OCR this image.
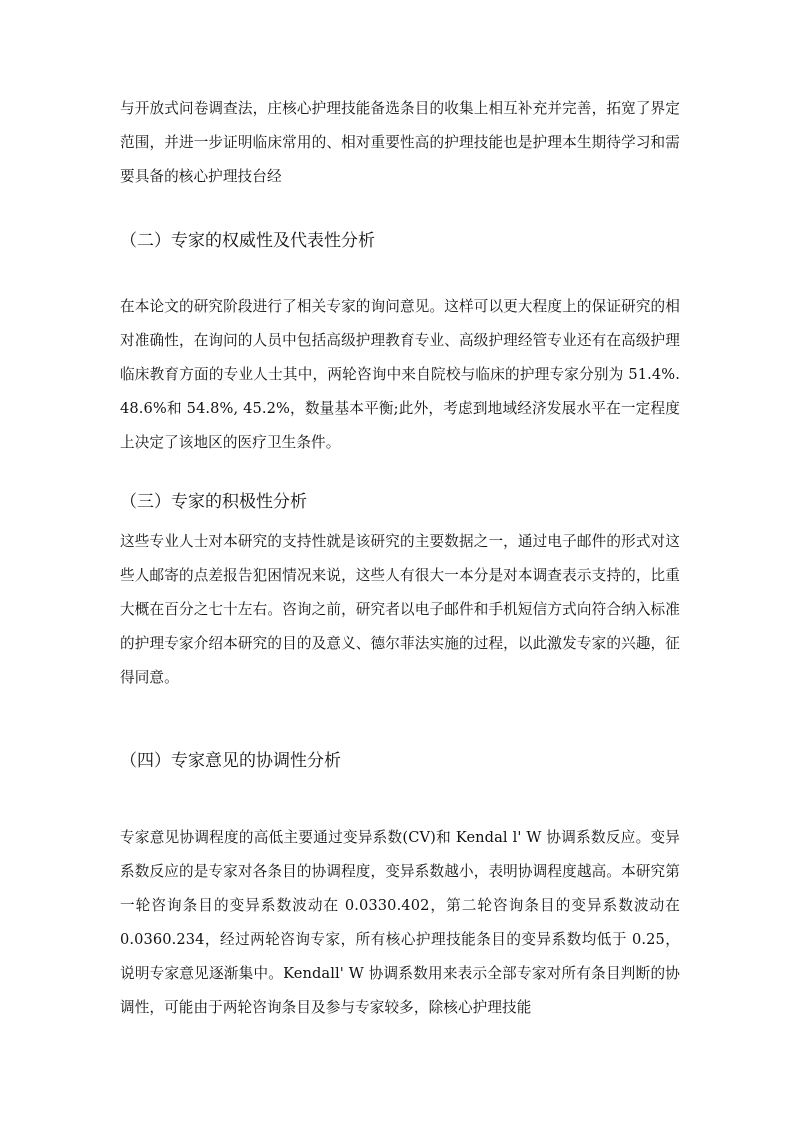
与开放式问卷调查法，庄核心护理技能备选条目的收集上相互补充并完善，拓宽了界定范围，并进一步证明临床常用的、相对重要性高的护理技能也是护理本生期待学习和需要具备的核心护理技台经

（二）专家的权威性及代表性分析

在本论文的研究阶段进行了相关专家的询问意见。这样可以更大程度上的保证研究的相对准确性，在询问的人员中包括高级护理教育专业、高级护理经管专业还有在高级护理临床教育方面的专业人士其中，两轮咨询中来自院校与临床的护理专家分别为 51.4%. 48.6%和 54.8%, 45.2%，数量基本平衡;此外，考虑到地域经济发展水平在一定程度上决定了该地区的医疗卫生条件。

（三）专家的积极性分析

这些专业人士对本研究的支持性就是该研究的主要数据之一，通过电子邮件的形式对这些人邮寄的点差报告犯困情况来说，这些人有很大一本分是对本调查表示支持的，比重大概在百分之七十左右。咨询之前，研究者以电子邮件和手机短信方式向符合纳入标准的护理专家介绍本研究的目的及意义、德尔菲法实施的过程，以此激发专家的兴趣，征得同意。

（四）专家意见的协调性分析

专家意见协调程度的高低主要通过变异系数(CV)和 Kendal l' W 协调系数反应。变异系数反应的是专家对各条目的协调程度，变异系数越小，表明协调程度越高。本研究第一轮咨询条目的变异系数波动在 0.0330.402，第二轮咨询条目的变异系数波动在 0.0360.234，经过两轮咨询专家，所有核心护理技能条目的变异系数均低于 0.25，说明专家意见逐渐集中。Kendall' W 协调系数用来表示全部专家对所有条目判断的协调性，可能由于两轮咨询条目及参与专家较多，除核心护理技能
